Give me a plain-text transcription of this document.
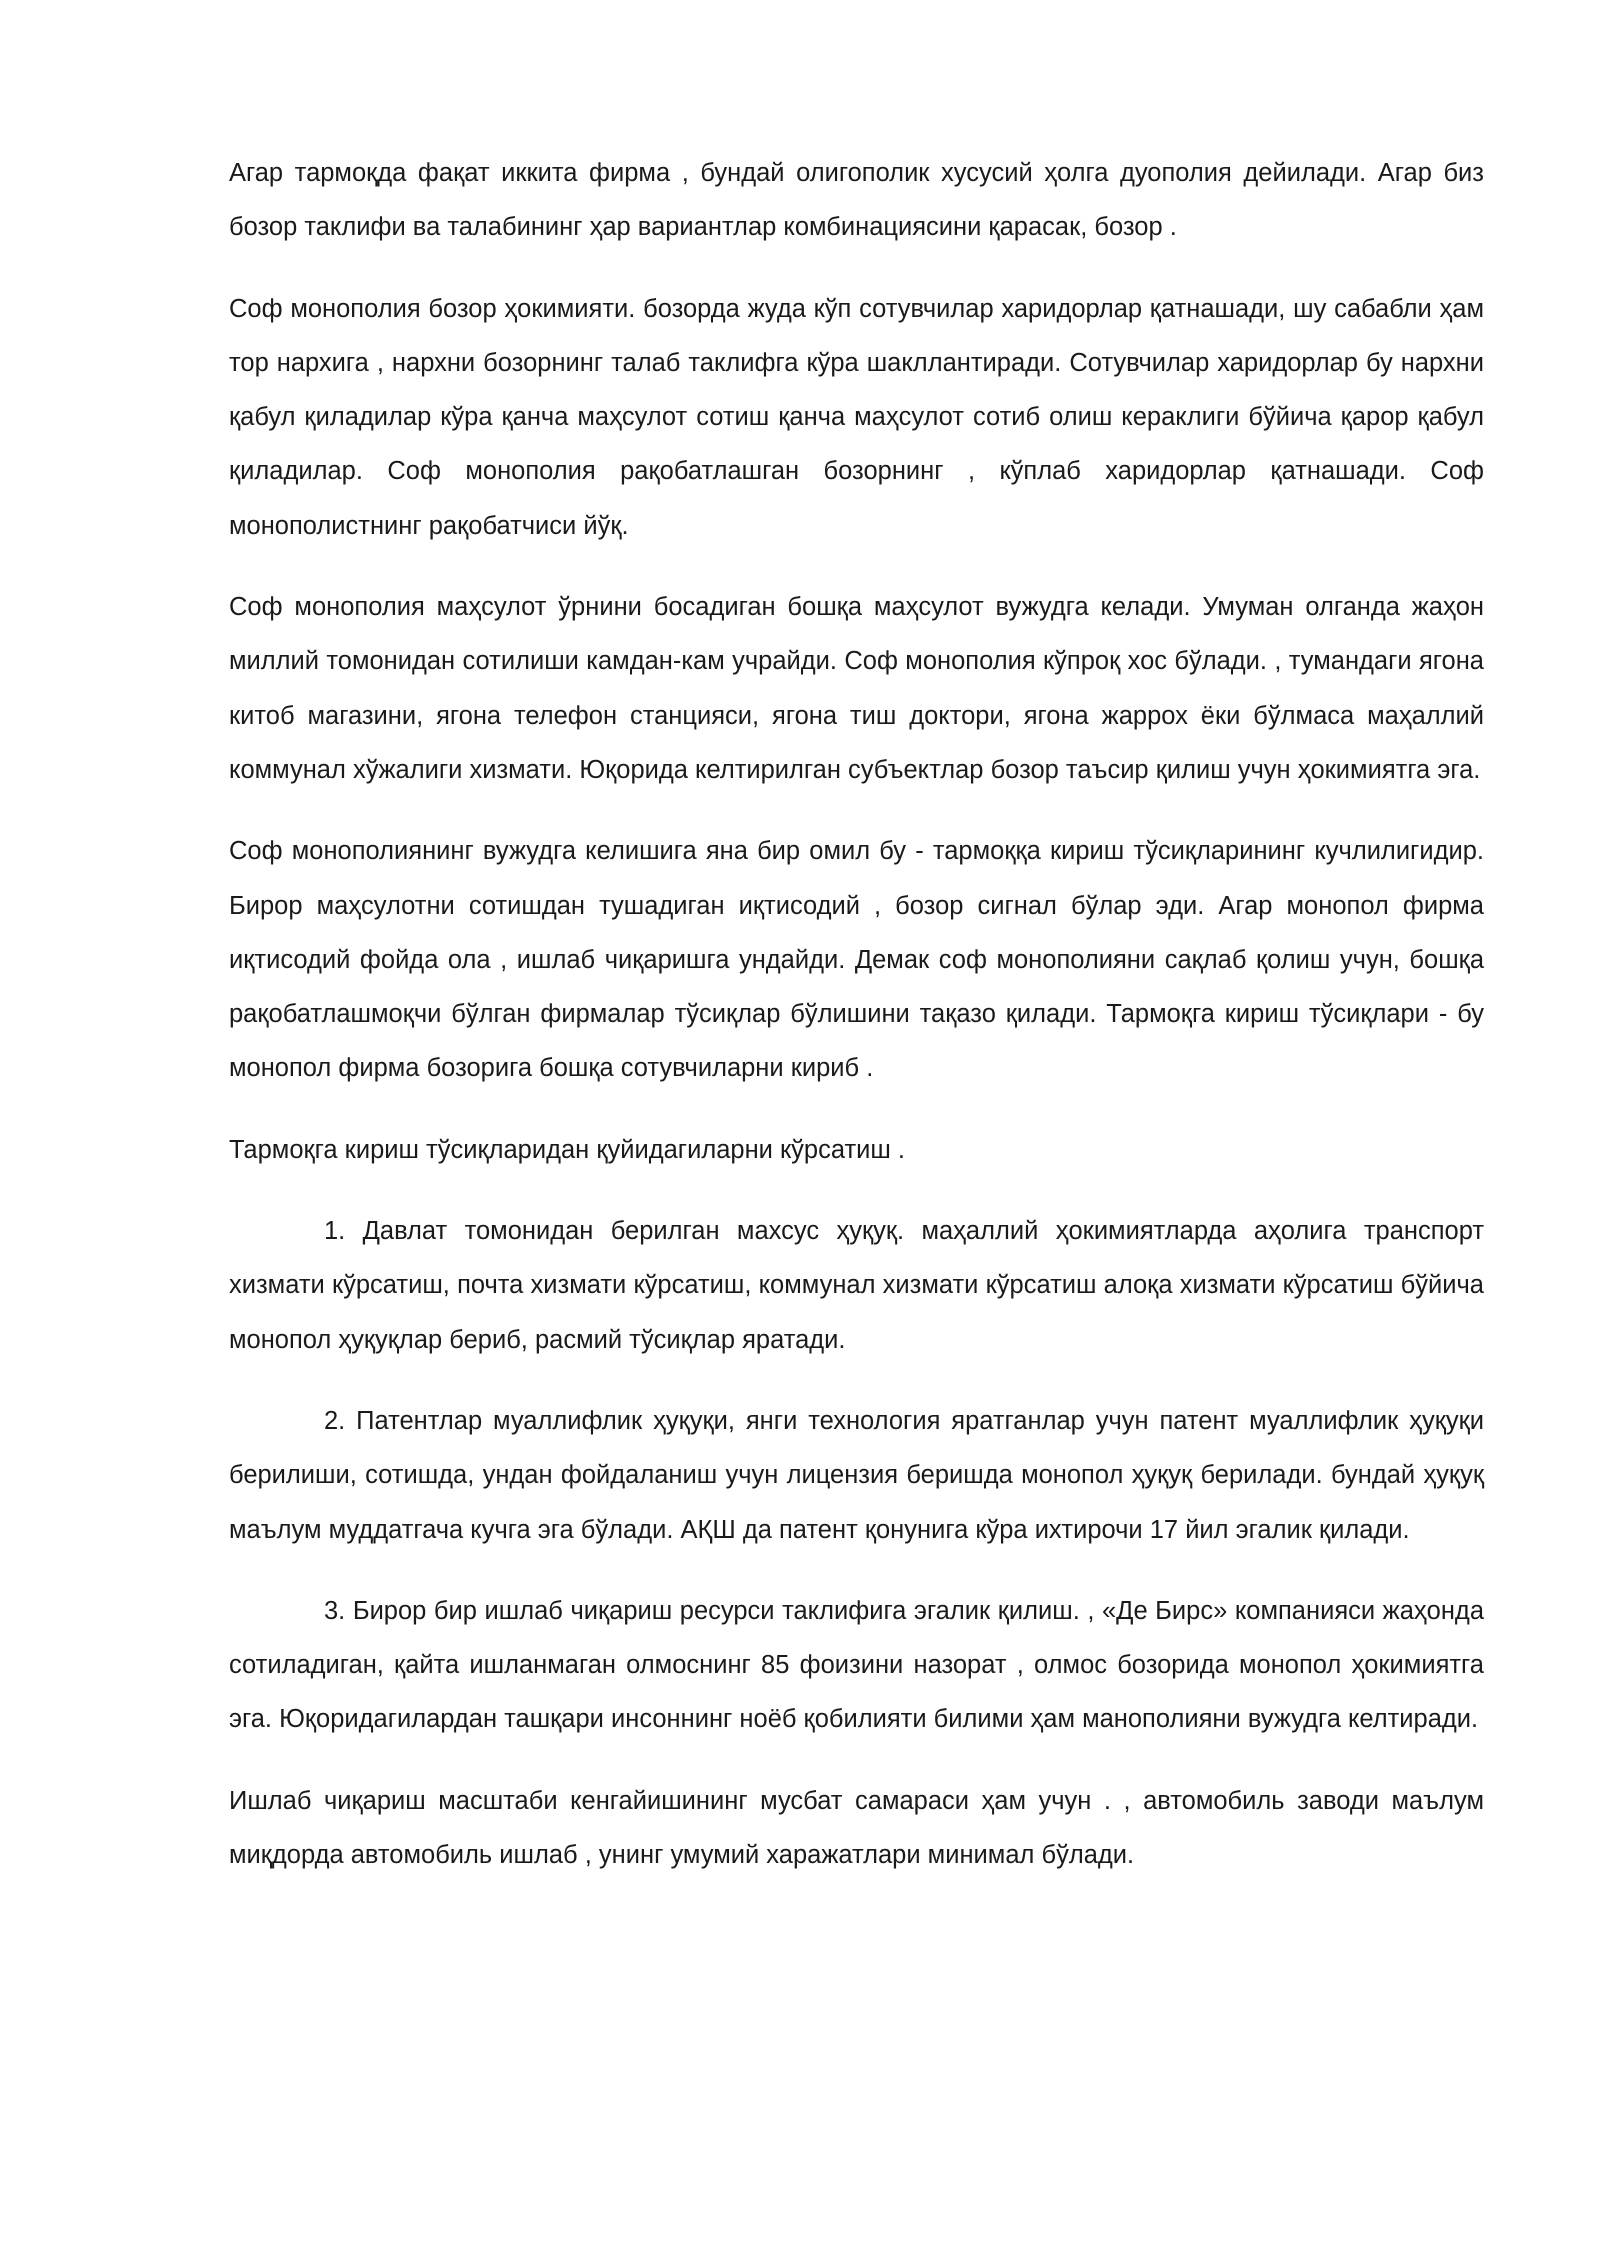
Агар тармоқда фақат иккита фирма , бундай олигополик хусусий ҳолга дуополия дейилади. Агар биз бозор таклифи ва талабининг ҳар вариантлар комбинациясини қарасак, бозор .

Соф монополия бозор ҳокимияти. бозорда жуда кўп сотувчилар харидорлар қатнашади, шу сабабли ҳам тор нархига , нархни бозорнинг талаб таклифга кўра шакллантиради. Сотувчилар харидорлар бу нархни қабул қиладилар кўра қанча маҳсулот сотиш қанча маҳсулот сотиб олиш кераклиги бўйича қарор қабул қиладилар. Соф монополия рақобатлашган бозорнинг , кўплаб харидорлар қатнашади. Соф монополистнинг рақобатчиси йўқ.

Соф монополия маҳсулот ўрнини босадиган бошқа маҳсулот вужудга келади. Умуман олганда жаҳон миллий томонидан сотилиши камдан-кам учрайди. Соф монополия кўпроқ хос бўлади. , тумандаги ягона китоб магазини, ягона телефон станцияси, ягона тиш доктори, ягона жаррох ёки бўлмаса маҳаллий коммунал хўжалиги хизмати. Юқорида келтирилган субъектлар бозор таъсир қилиш учун ҳокимиятга эга.

Соф монополиянинг вужудга келишига яна бир омил бу - тармоққа кириш тўсиқларининг кучлилигидир. Бирор маҳсулотни сотишдан тушадиган иқтисодий , бозор сигнал бўлар эди. Агар монопол фирма иқтисодий фойда ола , ишлаб чиқаришга ундайди. Демак соф монополияни сақлаб қолиш учун, бошқа рақобатлашмоқчи бўлган фирмалар тўсиқлар бўлишини тақазо қилади. Тармоқга кириш тўсиқлари - бу монопол фирма бозорига бошқа сотувчиларни кириб .

Тармоқга кириш тўсиқларидан қуйидагиларни кўрсатиш .

1. Давлат томонидан берилган махсус ҳуқуқ. маҳаллий ҳокимиятларда аҳолига транспорт хизмати кўрсатиш, почта хизмати кўрсатиш, коммунал хизмати кўрсатиш алоқа хизмати кўрсатиш бўйича монопол ҳуқуқлар бериб, расмий тўсиқлар яратади.

2. Патентлар муаллифлик ҳуқуқи, янги технология яратганлар учун патент муаллифлик ҳуқуқи берилиши, сотишда, ундан фойдаланиш учун лицензия беришда монопол ҳуқуқ берилади. бундай ҳуқуқ маълум муддатгача кучга эга бўлади. АҚШ да патент қонунига кўра ихтирочи 17 йил эгалик қилади.

3. Бирор бир ишлаб чиқариш ресурси таклифига эгалик қилиш. , «Де Бирс» компанияси жаҳонда сотиладиган, қайта ишланмаган олмоснинг 85 фоизини назорат , олмос бозорида монопол ҳокимиятга эга. Юқоридагилардан ташқари инсоннинг ноёб қобилияти билими ҳам манополияни вужудга келтиради.

Ишлаб чиқариш масштаби кенгайишининг мусбат самараси ҳам учун . , автомобиль заводи маълум миқдорда автомобиль ишлаб , унинг умумий харажатлари минимал бўлади.
